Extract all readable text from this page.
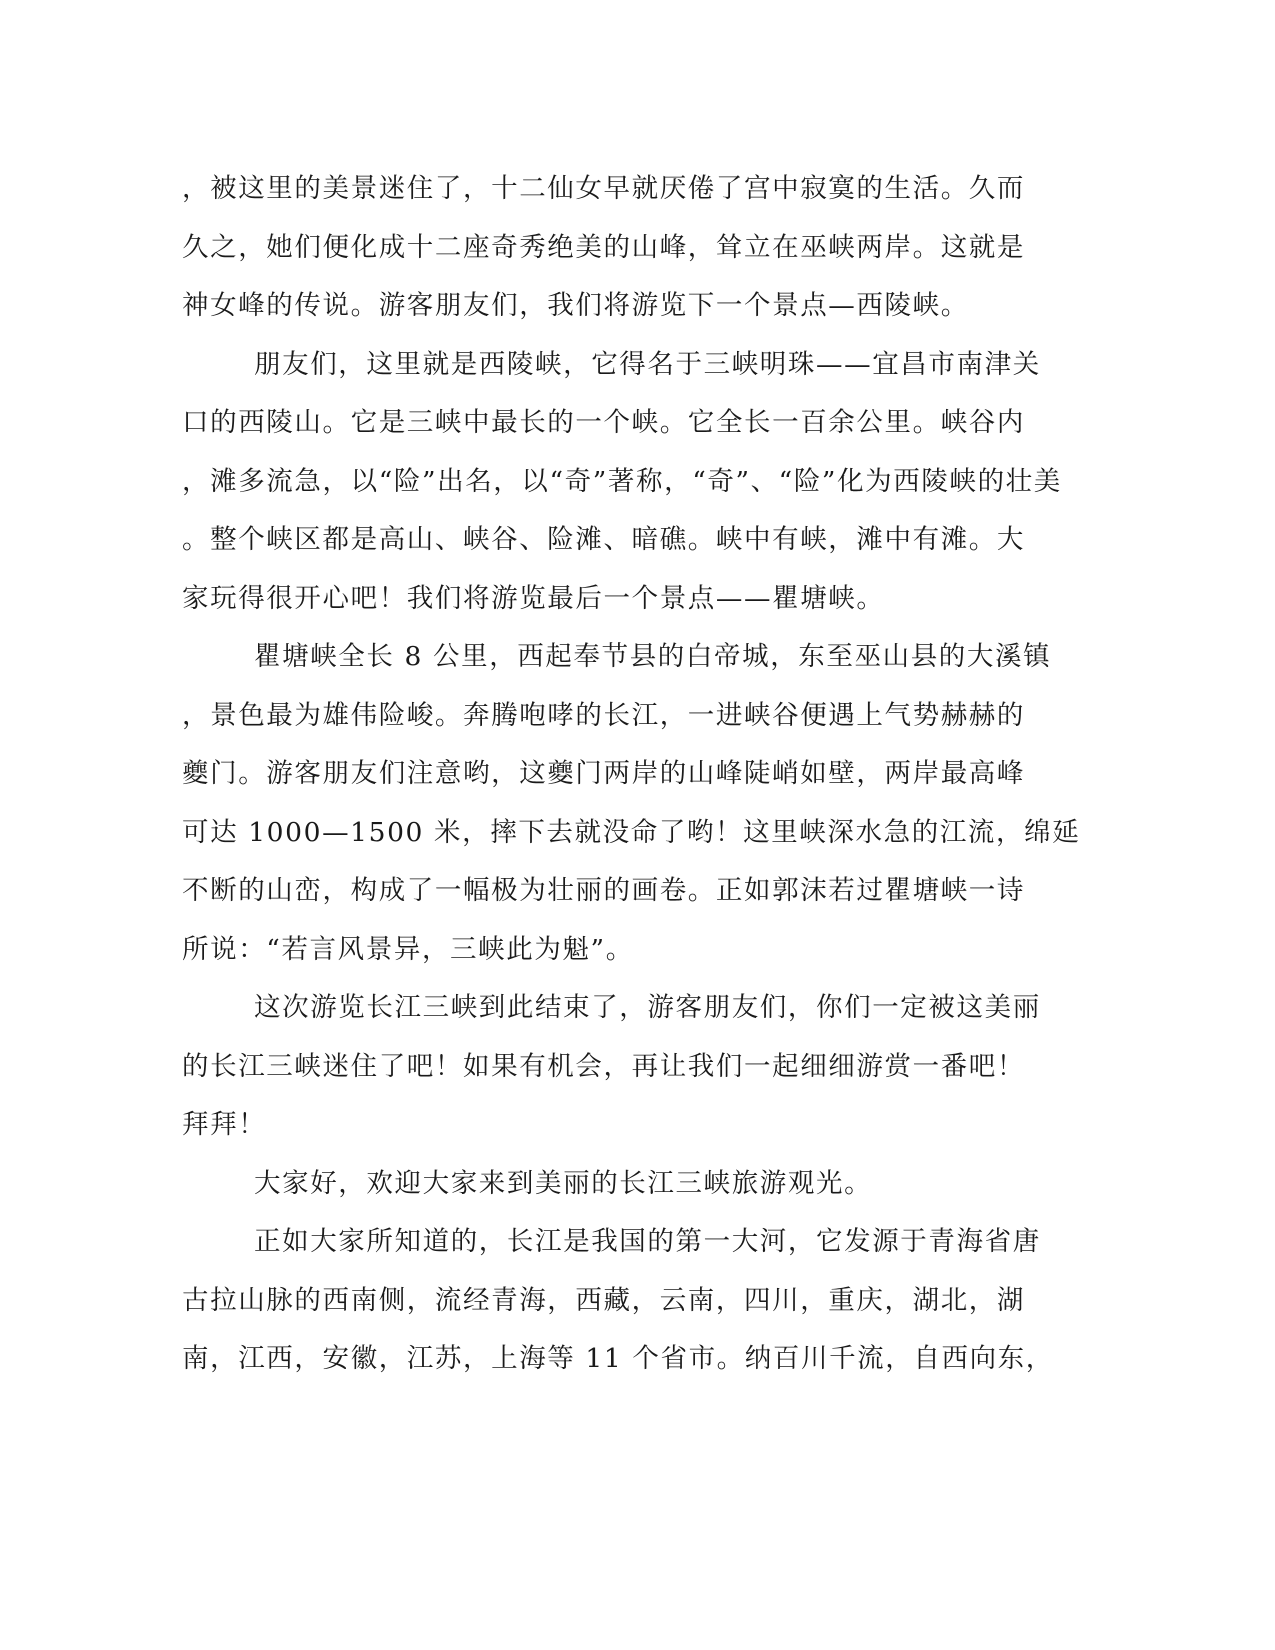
，被这里的美景迷住了，十二仙女早就厌倦了宫中寂寞的生活。久而
久之，她们便化成十二座奇秀绝美的山峰，耸立在巫峡两岸。这就是
神女峰的传说。游客朋友们，我们将游览下一个景点—西陵峡。
朋友们，这里就是西陵峡，它得名于三峡明珠——宜昌市南津关
口的西陵山。它是三峡中最长的一个峡。它全长一百余公里。峡谷内
，滩多流急，以“险”出名，以“奇”著称，“奇”、“险”化为西陵峡的壮美
。整个峡区都是高山、峡谷、险滩、暗礁。峡中有峡，滩中有滩。大
家玩得很开心吧！我们将游览最后一个景点——瞿塘峡。
瞿塘峡全长 8 公里，西起奉节县的白帝城，东至巫山县的大溪镇
，景色最为雄伟险峻。奔腾咆哮的长江，一进峡谷便遇上气势赫赫的
夔门。游客朋友们注意哟，这夔门两岸的山峰陡峭如壁，两岸最高峰
可达 1000—1500 米，摔下去就没命了哟！这里峡深水急的江流，绵延
不断的山峦，构成了一幅极为壮丽的画卷。正如郭沫若过瞿塘峡一诗
所说：“若言风景异，三峡此为魁”。
这次游览长江三峡到此结束了，游客朋友们，你们一定被这美丽
的长江三峡迷住了吧！如果有机会，再让我们一起细细游赏一番吧！
拜拜！
大家好，欢迎大家来到美丽的长江三峡旅游观光。
正如大家所知道的，长江是我国的第一大河，它发源于青海省唐
古拉山脉的西南侧，流经青海，西藏，云南，四川，重庆，湖北，湖
南，江西，安徽，江苏，上海等 11 个省市。纳百川千流，自西向东，
